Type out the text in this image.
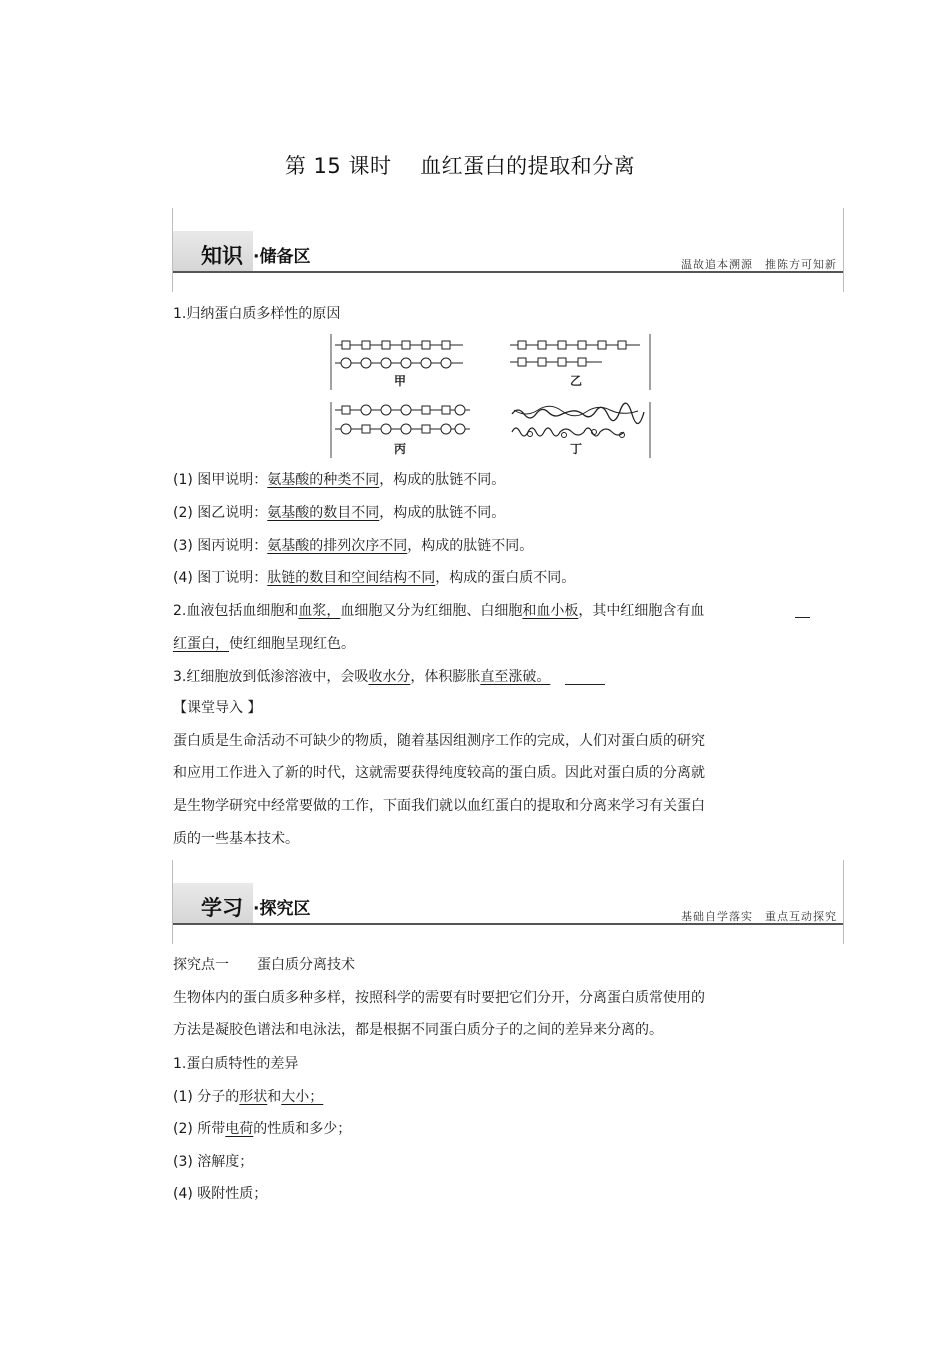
第 15 课时　 血红蛋白的提取和分离
知识 ·储备区	温故追本溯源　推陈方可知新
1.归纳蛋白质多样性的原因
甲	乙
丙	丁
(1) 图甲说明：氨基酸的种类不同，构成的肽链不同。
(2) 图乙说明：氨基酸的数目不同，构成的肽链不同。
(3) 图丙说明：氨基酸的排列次序不同，构成的肽链不同。
(4) 图丁说明：肽链的数目和空间结构不同，构成的蛋白质不同。
2.血液包括血细胞和血浆，血细胞又分为红细胞、白细胞和血小板，其中红细胞含有血
红蛋白，使红细胞呈现红色。
3.红细胞放到低渗溶液中，会吸收水分，体积膨胀直至涨破。
【课堂导入 】
蛋白质是生命活动不可缺少的物质，随着基因组测序工作的完成，人们对蛋白质的研究
和应用工作进入了新的时代，这就需要获得纯度较高的蛋白质。因此对蛋白质的分离就
是生物学研究中经常要做的工作，下面我们就以血红蛋白的提取和分离来学习有关蛋白
质的一些基本技术。
学习 ·探究区	基础自学落实　重点互动探究
探究点一　　蛋白质分离技术
生物体内的蛋白质多种多样，按照科学的需要有时要把它们分开，分离蛋白质常使用的
方法是凝胶色谱法和电泳法，都是根据不同蛋白质分子的之间的差异来分离的。
1.蛋白质特性的差异
(1) 分子的形状和大小；
(2) 所带电荷的性质和多少；
(3) 溶解度；
(4) 吸附性质；
